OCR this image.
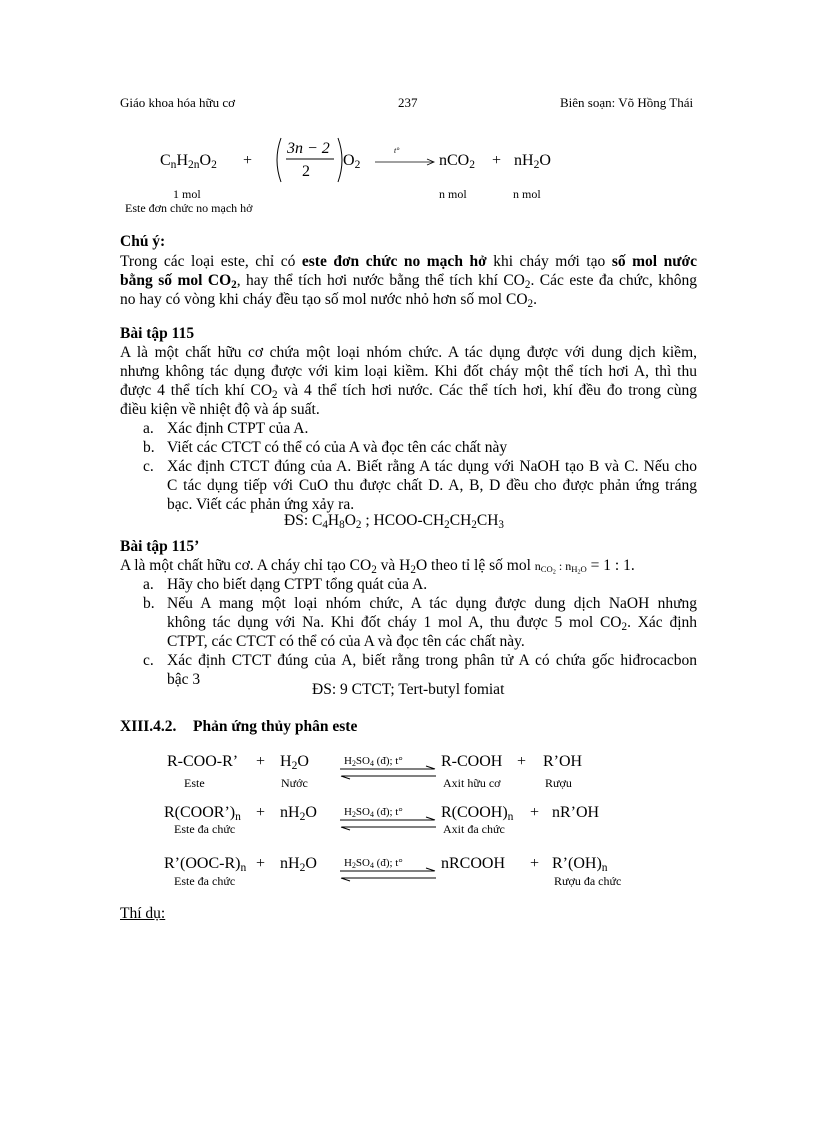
Giáo khoa hóa hữu cơ	237	Biên soạn: Võ Hồng Thái
$C_nH_{2n}O_2$ +
3n − 2
2
$O_2$
t°
$nCO_2 + nH_2O$
1 mol	n mol	n mol
Este đơn chức no mạch hở
Chú ý:
Trong các loại este, chỉ có este đơn chức no mạch hở khi cháy mới tạo số mol nước
bằng số mol $CO_2$, hay thể tích hơi nước bằng thể tích khí $CO_2$. Các este đa chức, không
no hay có vòng khi cháy đều tạo số mol nước nhỏ hơn số mol $CO_2$.
Bài tập 115
A là một chất hữu cơ chứa một loại nhóm chức. A tác dụng được với dung dịch kiềm,
nhưng không tác dụng được với kim loại kiềm. Khi đốt cháy một thể tích hơi A, thì thu
được 4 thể tích khí $CO_2$ và 4 thể tích hơi nước. Các thể tích hơi, khí đều đo trong cùng
điều kiện về nhiệt độ và áp suất.
a. Xác định CTPT của A.
b. Viết các CTCT có thể có của A và đọc tên các chất này
c. Xác định CTCT đúng của A. Biết rằng A tác dụng với NaOH tạo B và C. Nếu cho
C tác dụng tiếp với CuO thu được chất D. A, B, D đều cho được phản ứng tráng
bạc. Viết các phản ứng xảy ra.
ĐS: $C_4H_8O_2$ ; HCOO-$CH_2CH_2CH_3$
Bài tập 115’
A là một chất hữu cơ. A cháy chỉ tạo $CO_2$ và $H_2O$ theo tỉ lệ số mol $n_{CO_2}$ : $n_{H_2O} = 1$ : 1.
a. Hãy cho biết dạng CTPT tổng quát của A.
b. Nếu A mang một loại nhóm chức, A tác dụng được dung dịch NaOH nhưng
không tác dụng với Na. Khi đốt cháy 1 mol A, thu được 5 mol $CO_2$. Xác định
CTPT, các CTCT có thể có của A và đọc tên các chất này.
c. Xác định CTCT đúng của A, biết rằng trong phân tử A có chứa gốc hiđrocacbon
bậc 3
ĐS: 9 CTCT; Tert-butyl fomiat
XIII.4.2. Phản ứng thủy phân este
R-COO-R’ + $H_2O$	$H_2SO_4$ (đ); t° R-COOH + R’OH
Este	Nước	Axit hữu cơ	Rượu
$R(COOR’)_n + nH_2O$ $H_2SO_4$ (đ); t° $R(COOH)_n$ + nR’OH
Este đa chức	Axit đa chức
$R’(OOC-R)_n + nH_2O$ $H_2SO_4$ (đ); t° nRCOOH + $R’(OH)_n$
Este đa chức	Rượu đa chức
Thí dụ:
